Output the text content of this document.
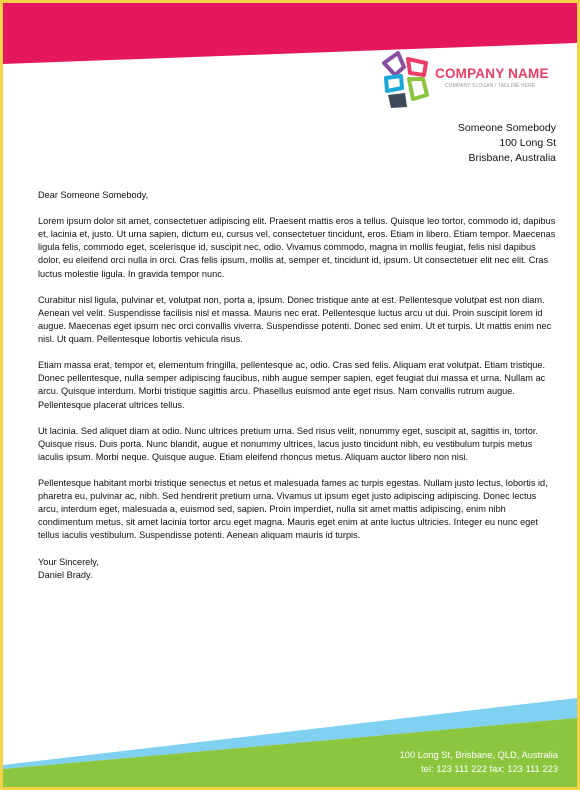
COMPANY NAME
COMPANY SLOGAN / TAGLINE HERE
Someone Somebody
100 Long St
Brisbane, Australia

Dear Someone Somebody,

Lorem ipsum dolor sit amet, consectetuer adipiscing elit. Praesent mattis eros a tellus. Quisque leo tortor, commodo id, dapibus et, lacinia et, justo. Ut urna sapien, dictum eu, cursus vel, consectetuer tincidunt, eros. Etiam in libero. Etiam tempor. Maecenas ligula felis, commodo eget, scelerisque id, suscipit nec, odio. Vivamus commodo, magna in mollis feugiat, felis nisl dapibus dolor, eu eleifend orci nulla in orci. Cras felis ipsum, mollis at, semper et, tincidunt id, ipsum. Ut consectetuer elit nec elit. Cras luctus molestie ligula. In gravida tempor nunc.

Curabitur nisl ligula, pulvinar et, volutpat non, porta a, ipsum. Donec tristique ante at est. Pellentesque volutpat est non diam. Aenean vel velit. Suspendisse facilisis nisl et massa. Mauris nec erat. Pellentesque luctus arcu ut dui. Proin suscipit lorem id augue. Maecenas eget ipsum nec orci convallis viverra. Suspendisse potenti. Donec sed enim. Ut et turpis. Ut mattis enim nec nisl. Ut quam. Pellentesque lobortis vehicula risus.

Etiam massa erat, tempor et, elementum fringilla, pellentesque ac, odio. Cras sed felis. Aliquam erat volutpat. Etiam tristique. Donec pellentesque, nulla semper adipiscing faucibus, nibh augue semper sapien, eget feugiat dui massa et urna. Nullam ac arcu. Quisque interdum. Morbi tristique sagittis arcu. Phasellus euismod ante eget risus. Nam convallis rutrum augue. Pellentesque placerat ultrices tellus.

Ut lacinia. Sed aliquet diam at odio. Nunc ultrices pretium urna. Sed risus velit, nonummy eget, suscipit at, sagittis in, tortor. Quisque risus. Duis porta. Nunc blandit, augue et nonummy ultrices, lacus justo tincidunt nibh, eu vestibulum turpis metus iaculis ipsum. Morbi neque. Quisque augue. Etiam eleifend rhoncus metus. Aliquam auctor libero non nisi.

Pellentesque habitant morbi tristique senectus et netus et malesuada fames ac turpis egestas. Nullam justo lectus, lobortis id, pharetra eu, pulvinar ac, nibh. Sed hendrerit pretium urna. Vivamus ut ipsum eget justo adipiscing adipiscing. Donec lectus arcu, interdum eget, malesuada a, euismod sed, sapien. Proin imperdiet, nulla sit amet mattis adipiscing, enim nibh condimentum metus, sit amet lacinia tortor arcu eget magna. Mauris eget enim at ante luctus ultricies. Integer eu nunc eget tellus iaculis vestibulum. Suspendisse potenti. Aenean aliquam mauris id turpis.

Your Sincerely,
Daniel Brady.
www.heritagechristiancollege.com
100 Long St, Brisbane, QLD, Australia
tel: 123 111 222 fax: 123 111 223
